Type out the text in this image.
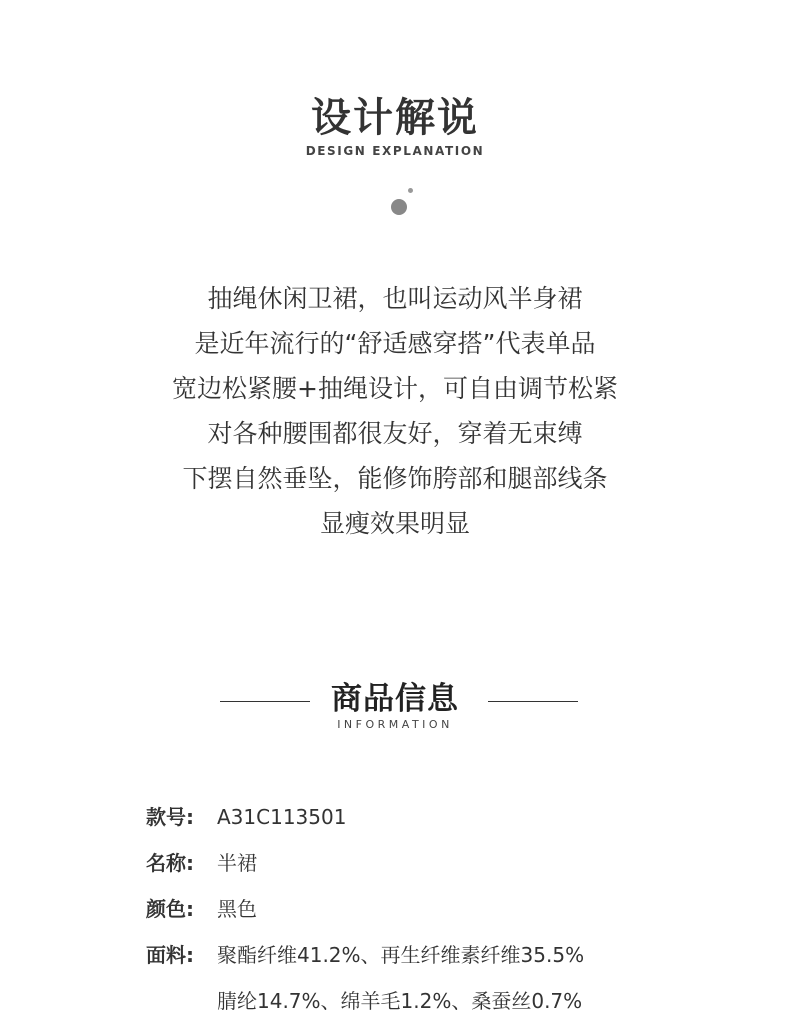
设计解说
DESIGN EXPLANATION
抽绳休闲卫裙，也叫运动风半身裙
是近年流行的“舒适感穿搭”代表单品
宽边松紧腰+抽绳设计，可自由调节松紧
对各种腰围都很友好，穿着无束缚
下摆自然垂坠，能修饰胯部和腿部线条
显瘦效果明显
商品信息
INFORMATION
款号: A31C113501
名称: 半裙
颜色: 黑色
面料: 聚酯纤维41.2%、再生纤维素纤维35.5%
腈纶14.7%、绵羊毛1.2%、桑蚕丝0.7%
